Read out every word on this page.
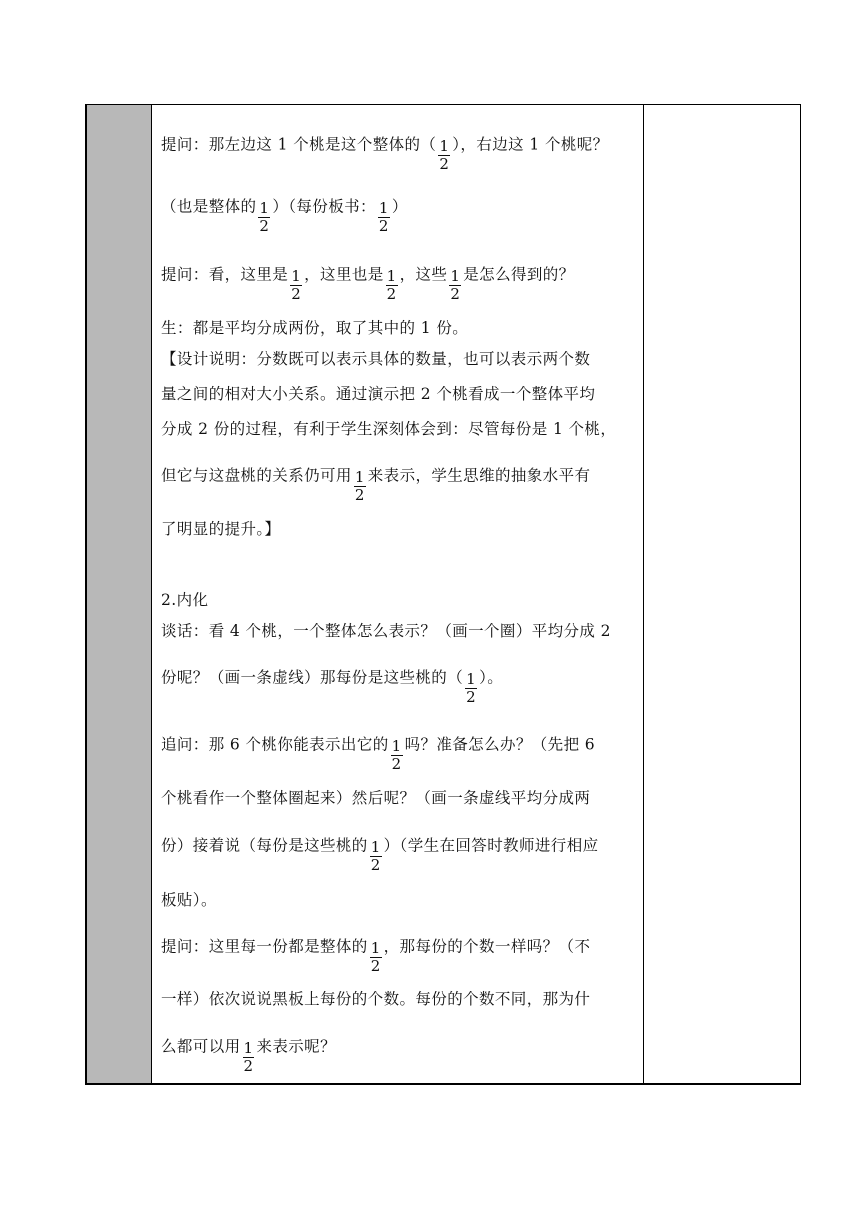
提问：那左边这 1 个桃是这个整体的（ $\frac{1}{2}$ ），右边这 1 个桃呢？
（也是整体的 $\frac{1}{2}$ ）（每份板书： $\frac{1}{2}$ ）
提问：看，这里是 $\frac{1}{2}$ ，这里也是 $\frac{1}{2}$ ，这些 $\frac{1}{2}$ 是怎么得到的？
生：都是平均分成两份，取了其中的 1 份。
【设计说明：分数既可以表示具体的数量，也可以表示两个数
量之间的相对大小关系。通过演示把 2 个桃看成一个整体平均
分成 2 份的过程，有利于学生深刻体会到：尽管每份是 1 个桃，
但它与这盘桃的关系仍可用 $\frac{1}{2}$ 来表示，学生思维的抽象水平有
了明显的提升。】
2.内化
谈话：看 4 个桃，一个整体怎么表示？（画一个圈）平均分成 2
份呢？（画一条虚线）那每份是这些桃的（ $\frac{1}{2}$ ）。
追问：那 6 个桃你能表示出它的 $\frac{1}{2}$ 吗？准备怎么办？（先把 6
个桃看作一个整体圈起来）然后呢？（画一条虚线平均分成两
份）接着说（每份是这些桃的 $\frac{1}{2}$ ）（学生在回答时教师进行相应
板贴）。
提问：这里每一份都是整体的 $\frac{1}{2}$ ，那每份的个数一样吗？（不
一样）依次说说黑板上每份的个数。每份的个数不同，那为什
么都可以用 $\frac{1}{2}$ 来表示呢？
